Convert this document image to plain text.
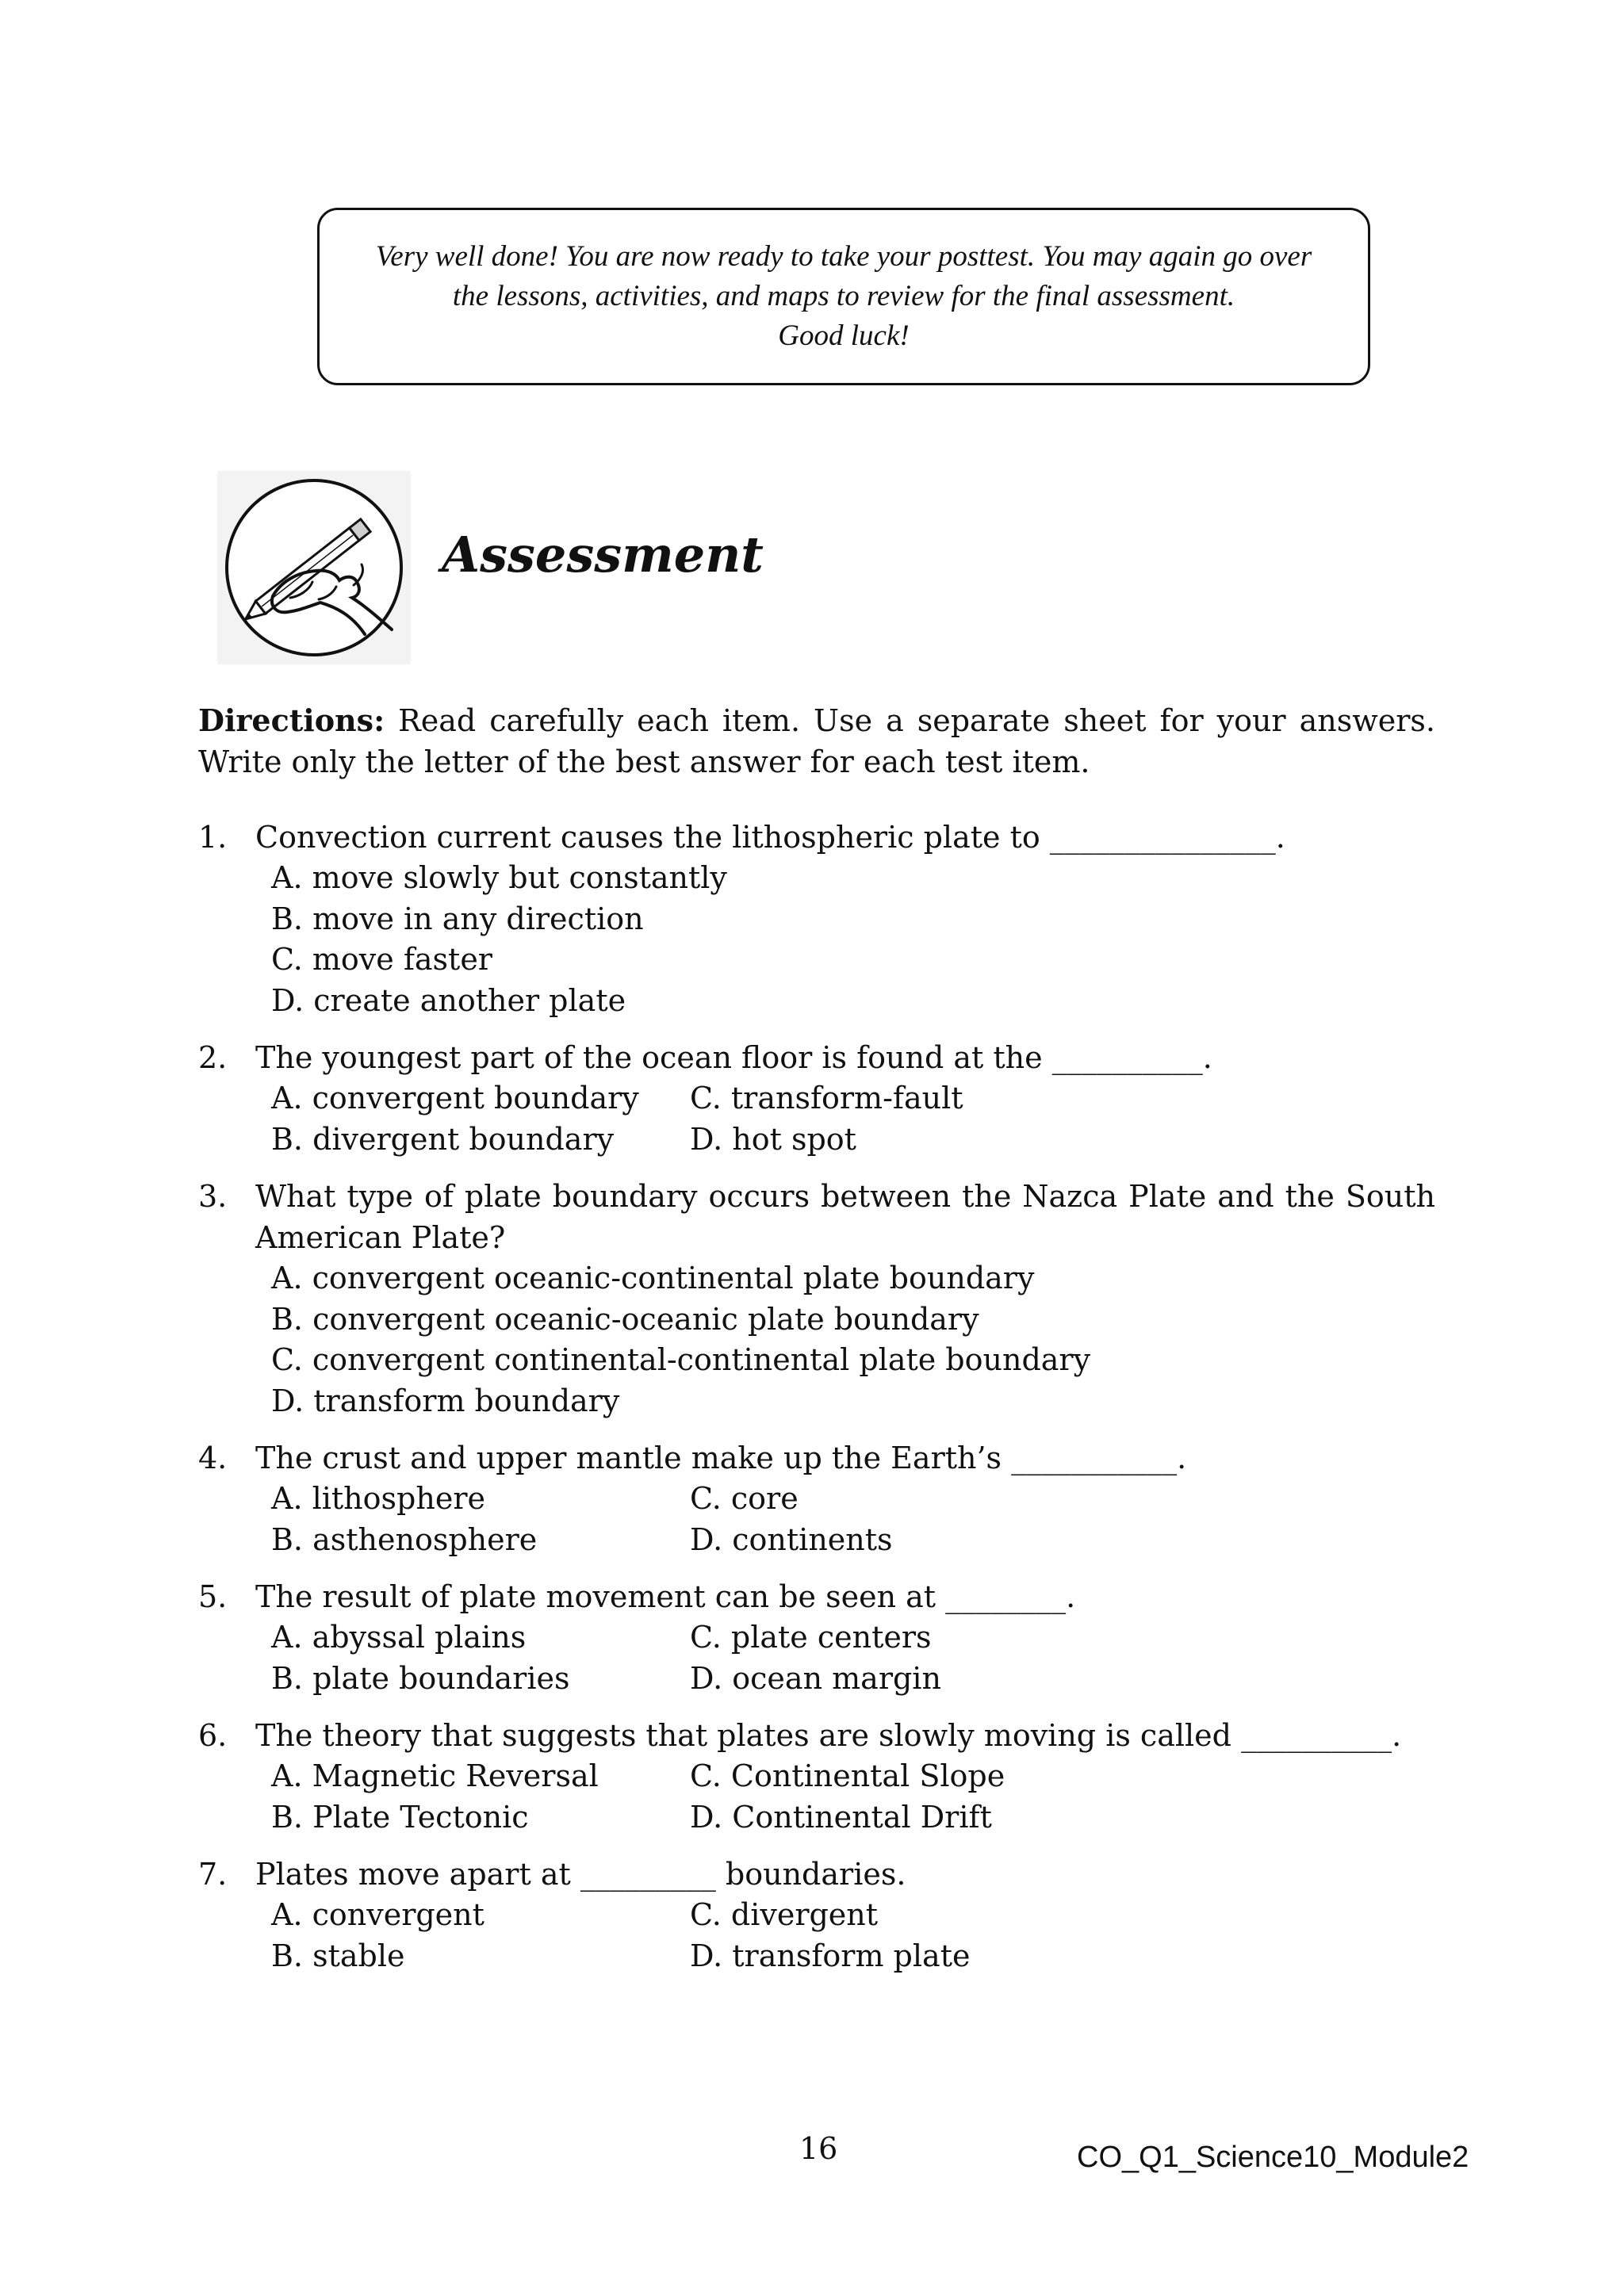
Very well done! You are now ready to take your posttest. You may again go over
the lessons, activities, and maps to review for the final assessment.
Good luck!
Assessment

Directions: Read carefully each item. Use a separate sheet for your answers. Write only the letter of the best answer for each test item.

1. Convection current causes the lithospheric plate to _______________.
A. move slowly but constantly
B. move in any direction
C. move faster
D. create another plate
2. The youngest part of the ocean floor is found at the __________.
A. convergent boundary	C. transform-fault
B. divergent boundary	D. hot spot
3. What type of plate boundary occurs between the Nazca Plate and the South American Plate?
A. convergent oceanic-continental plate boundary
B. convergent oceanic-oceanic plate boundary
C. convergent continental-continental plate boundary
D. transform boundary
4. The crust and upper mantle make up the Earth’s ___________.
A. lithosphere	C. core
B. asthenosphere	D. continents
5. The result of plate movement can be seen at ________.
A. abyssal plains	C. plate centers
B. plate boundaries	D. ocean margin
6. The theory that suggests that plates are slowly moving is called __________.
A. Magnetic Reversal	C. Continental Slope
B. Plate Tectonic	D. Continental Drift
7. Plates move apart at _________ boundaries.
A. convergent	C. divergent
B. stable	D. transform plate
16	CO_Q1_Science10_Module2
